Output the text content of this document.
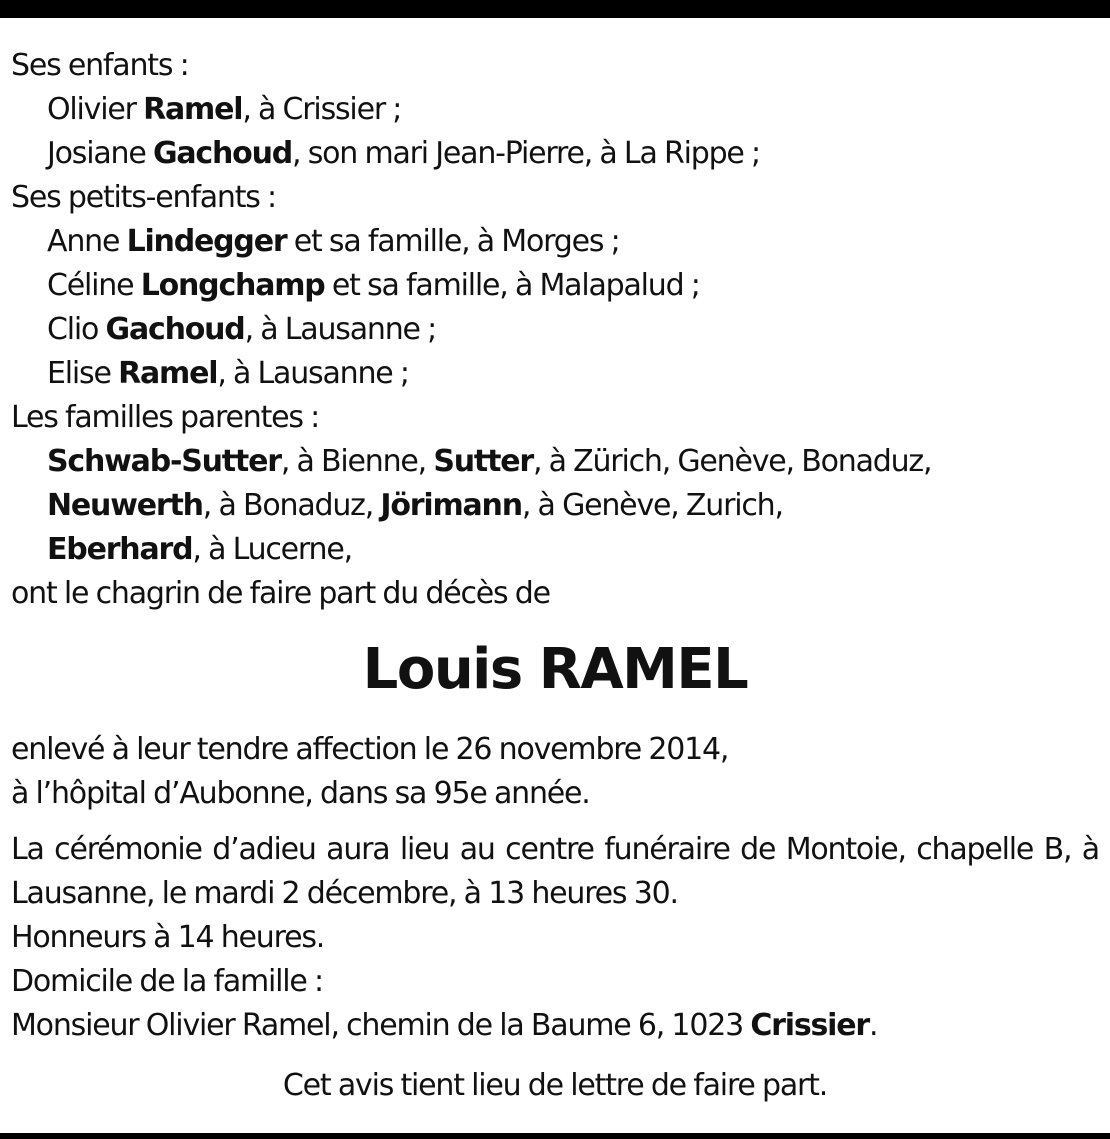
Ses enfants :
Olivier Ramel, à Crissier ;
Josiane Gachoud, son mari Jean-Pierre, à La Rippe ;
Ses petits-enfants :
Anne Lindegger et sa famille, à Morges ;
Céline Longchamp et sa famille, à Malapalud ;
Clio Gachoud, à Lausanne ;
Elise Ramel, à Lausanne ;
Les familles parentes :
Schwab-Sutter, à Bienne, Sutter, à Zürich, Genève, Bonaduz,
Neuwerth, à Bonaduz, Jörimann, à Genève, Zurich,
Eberhard, à Lucerne,
ont le chagrin de faire part du décès de
Louis RAMEL
enlevé à leur tendre affection le 26 novembre 2014,
à l’hôpital d’Aubonne, dans sa 95e année.
La cérémonie d’adieu aura lieu au centre funéraire de Montoie, chapelle B, à Lausanne, le mardi 2 décembre, à 13 heures 30.
Honneurs à 14 heures.
Domicile de la famille :
Monsieur Olivier Ramel, chemin de la Baume 6, 1023 Crissier.
Cet avis tient lieu de lettre de faire part.
